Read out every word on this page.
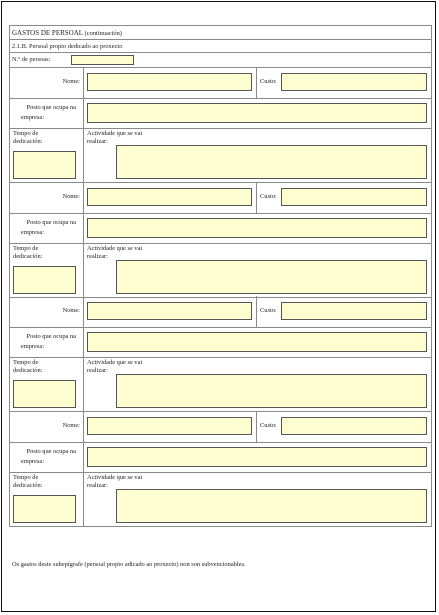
GASTOS DE PERSOAL (continuación)
2.1.B. Persoal propio dedicado ao proxecto
N.º de persoas:
Nome:	Custo:
Posto que ocupa na
empresa:
Tempo de
dedicación:
Actividade que se vai
realizar:
Nome:	Custo:
Posto que ocupa na
empresa:
Tempo de
dedicación:
Actividade que se vai
realizar:
Nome:	Custo:
Posto que ocupa na
empresa:
Tempo de
dedicación:
Actividade que se vai
realizar:
Nome:	Custo:
Posto que ocupa na
empresa:
Tempo de
dedicación:
Actividade que se vai
realizar:
Os gastos deste subepígrafe (persoal propio adicado ao proxecto) non son subvencionables.
